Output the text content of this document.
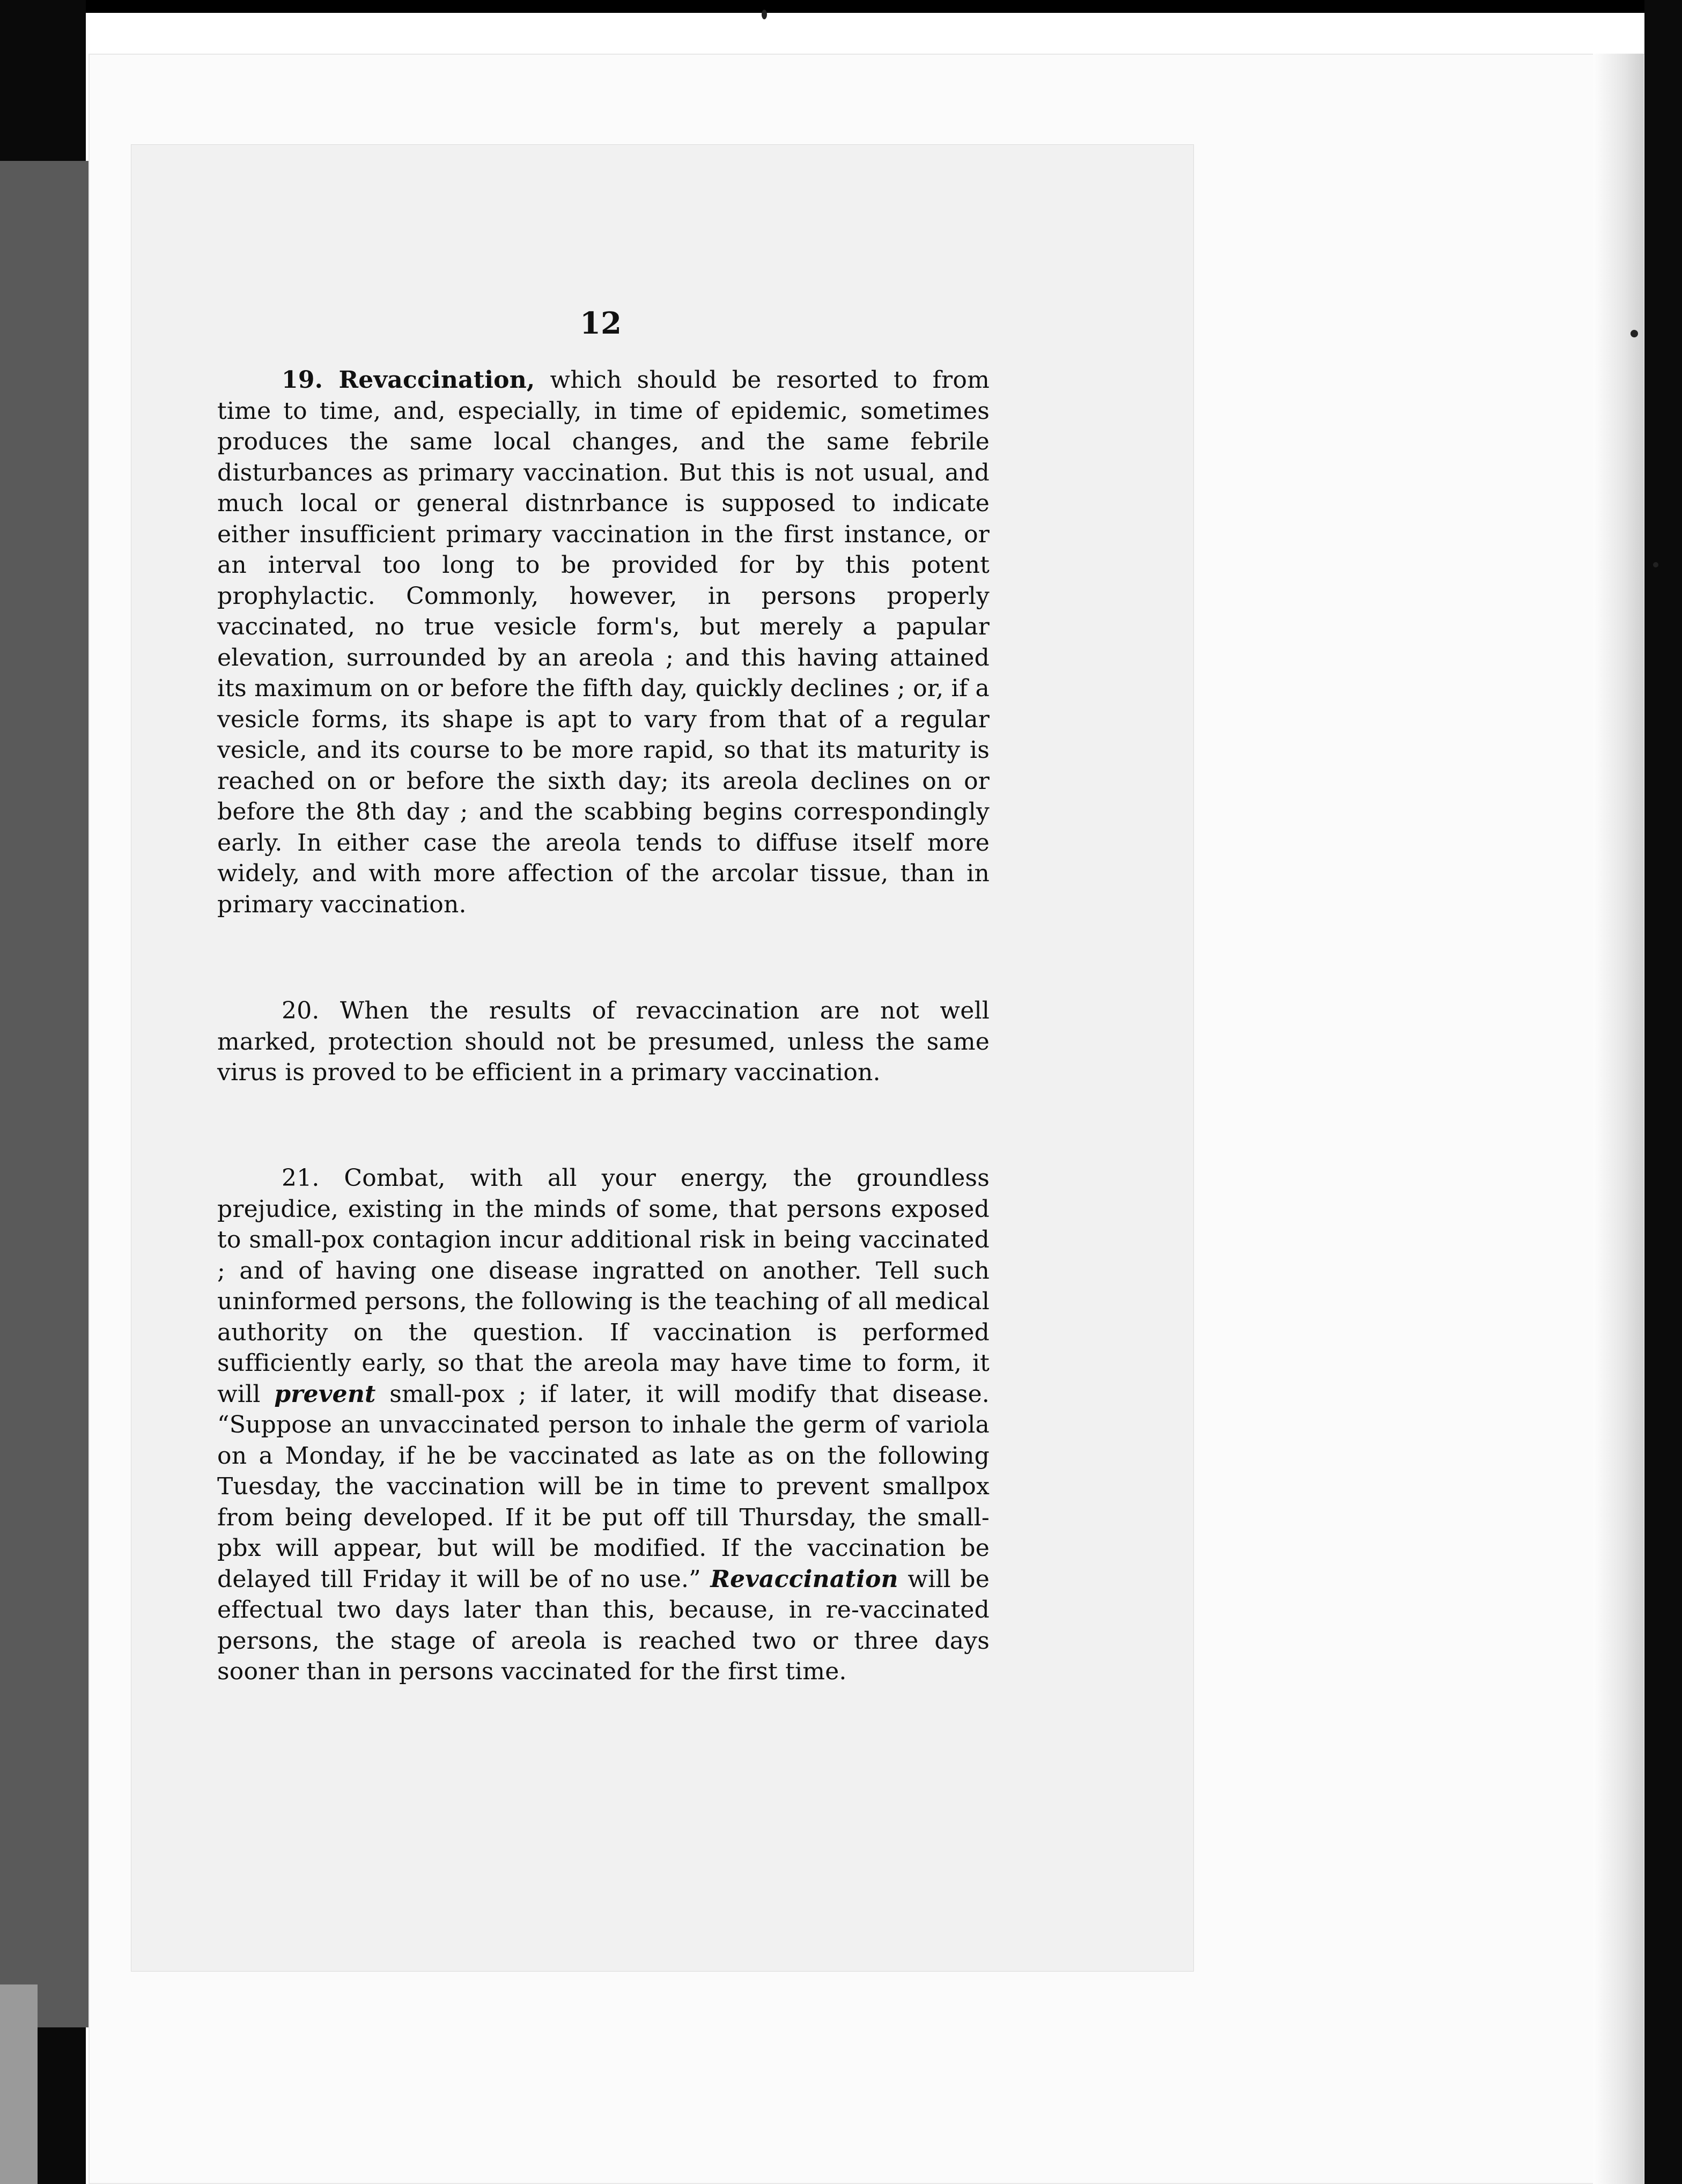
12

19. Revaccination, which should be resorted to from time to time, and, especially, in time of epidemic, sometimes produces the same local changes, and the same febrile disturbances as primary vaccination. But this is not usual, and much local or general distnrbance is supposed to indicate either insufficient primary vaccination in the first instance, or an interval too long to be provided for by this potent prophylactic. Commonly, however, in persons properly vaccinated, no true vesicle form's, but merely a papular elevation, surrounded by an areola ; and this having attained its maximum on or before the fifth day, quickly declines ; or, if a vesicle forms, its shape is apt to vary from that of a regular vesicle, and its course to be more rapid, so that its maturity is reached on or before the sixth day; its areola declines on or before the 8th day ; and the scabbing begins correspondingly early. In either case the areola tends to diffuse itself more widely, and with more affection of the arcolar tissue, than in primary vaccination.

20. When the results of revaccination are not well marked, protection should not be presumed, unless the same virus is proved to be efficient in a primary vaccination.

21. Combat, with all your energy, the groundless prejudice, existing in the minds of some, that persons exposed to small-pox contagion incur additional risk in being vaccinated ; and of having one disease ingratted on another. Tell such uninformed persons, the following is the teaching of all medical authority on the question. If vaccination is performed sufficiently early, so that the areola may have time to form, it will prevent small-pox ; if later, it will modify that disease. “Suppose an unvaccinated person to inhale the germ of variola on a Monday, if he be vaccinated as late as on the following Tuesday, the vaccination will be in time to prevent smallpox from being developed. If it be put off till Thursday, the small-pbx will appear, but will be modified. If the vaccination be delayed till Friday it will be of no use.” Revaccination will be effectual two days later than this, because, in re-vaccinated persons, the stage of areola is reached two or three days sooner than in persons vaccinated for the first time.
